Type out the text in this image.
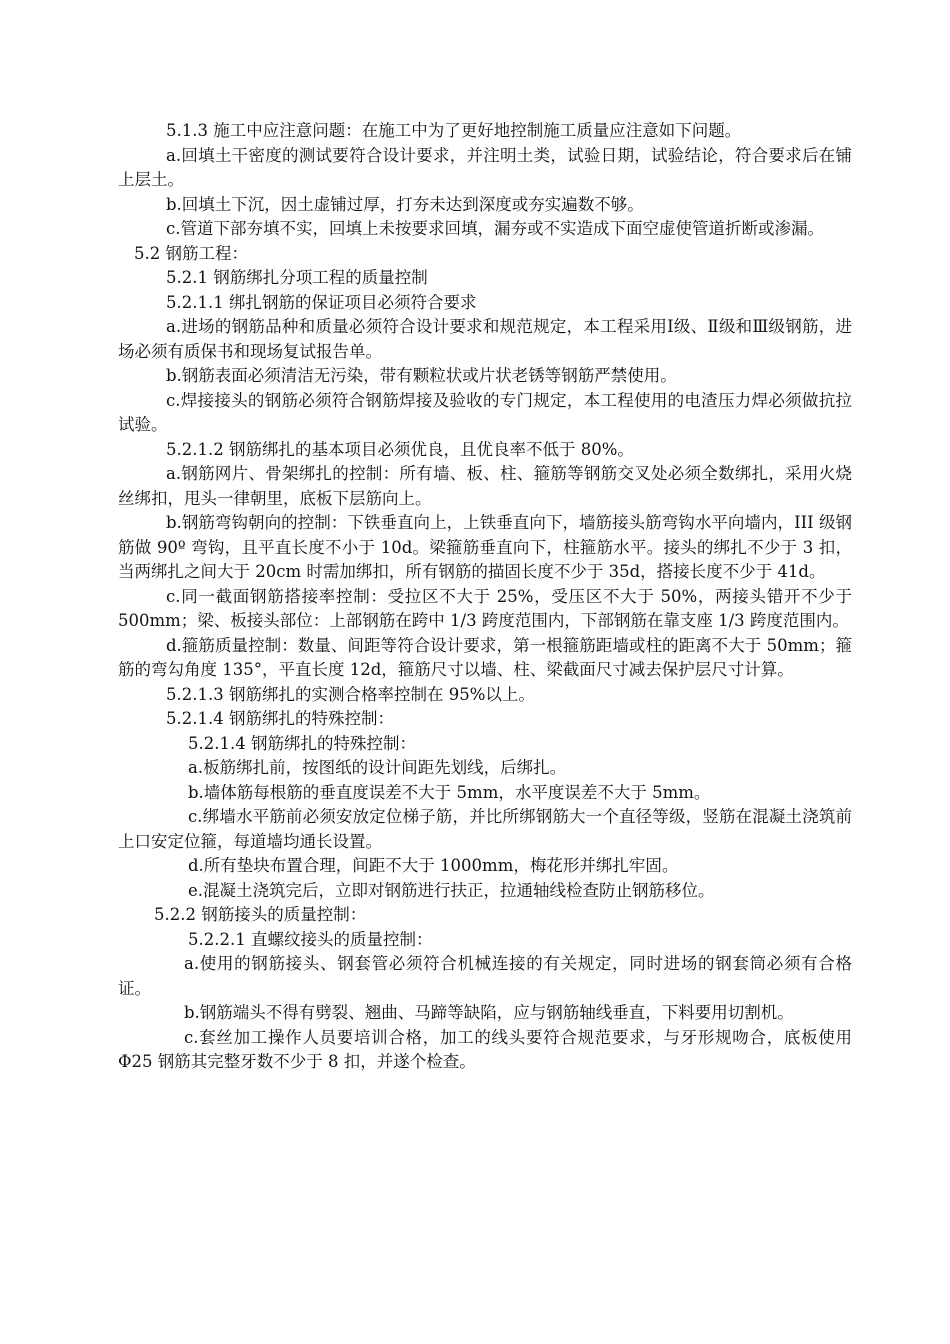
5.1.3 施工中应注意问题：在施工中为了更好地控制施工质量应注意如下问题。

a.回填土干密度的测试要符合设计要求，并注明土类，试验日期，试验结论，符合要求后在铺上层土。

b.回填土下沉，因土虚铺过厚，打夯未达到深度或夯实遍数不够。

c.管道下部夯填不实，回填上未按要求回填，漏夯或不实造成下面空虚使管道折断或渗漏。

5.2 钢筋工程：

5.2.1 钢筋绑扎分项工程的质量控制

5.2.1.1 绑扎钢筋的保证项目必须符合要求

a.进场的钢筋品种和质量必须符合设计要求和规范规定，本工程采用Ⅰ级、Ⅱ级和Ⅲ级钢筋，进场必须有质保书和现场复试报告单。

b.钢筋表面必须清洁无污染，带有颗粒状或片状老锈等钢筋严禁使用。

c.焊接接头的钢筋必须符合钢筋焊接及验收的专门规定，本工程使用的电渣压力焊必须做抗拉试验。

5.2.1.2 钢筋绑扎的基本项目必须优良，且优良率不低于 80%。

a.钢筋网片、骨架绑扎的控制：所有墙、板、柱、箍筋等钢筋交叉处必须全数绑扎，采用火烧丝绑扣，甩头一律朝里，底板下层筋向上。

b.钢筋弯钩朝向的控制：下铁垂直向上，上铁垂直向下，墙筋接头筋弯钩水平向墙内，III 级钢筋做 90º 弯钩，且平直长度不小于 10d。梁箍筋垂直向下，柱箍筋水平。接头的绑扎不少于 3 扣，当两绑扎之间大于 20cm 时需加绑扣，所有钢筋的描固长度不少于 35d，搭接长度不少于 41d。

c.同一截面钢筋搭接率控制：受拉区不大于 25%，受压区不大于 50%，两接头错开不少于 500mm；梁、板接头部位：上部钢筋在跨中 1/3 跨度范围内，下部钢筋在靠支座 1/3 跨度范围内。

d.箍筋质量控制：数量、间距等符合设计要求，第一根箍筋距墙或柱的距离不大于 50mm；箍筋的弯勾角度 135°，平直长度 12d，箍筋尺寸以墙、柱、梁截面尺寸减去保护层尺寸计算。

5.2.1.3 钢筋绑扎的实测合格率控制在 95%以上。

5.2.1.4 钢筋绑扎的特殊控制：

5.2.1.4 钢筋绑扎的特殊控制：

a.板筋绑扎前，按图纸的设计间距先划线，后绑扎。

b.墙体筋每根筋的垂直度误差不大于 5mm，水平度误差不大于 5mm。

c.绑墙水平筋前必须安放定位梯子筋，并比所绑钢筋大一个直径等级，竖筋在混凝土浇筑前上口安定位箍，每道墙均通长设置。

d.所有垫块布置合理，间距不大于 1000mm，梅花形并绑扎牢固。

e.混凝土浇筑完后，立即对钢筋进行扶正，拉通轴线检查防止钢筋移位。

5.2.2 钢筋接头的质量控制：

5.2.2.1 直螺纹接头的质量控制：

a.使用的钢筋接头、钢套管必须符合机械连接的有关规定，同时进场的钢套筒必须有合格证。

b.钢筋端头不得有劈裂、翘曲、马蹄等缺陷，应与钢筋轴线垂直，下料要用切割机。

c.套丝加工操作人员要培训合格，加工的线头要符合规范要求，与牙形规吻合，底板使用 Φ25 钢筋其完整牙数不少于 8 扣，并遂个检查。
